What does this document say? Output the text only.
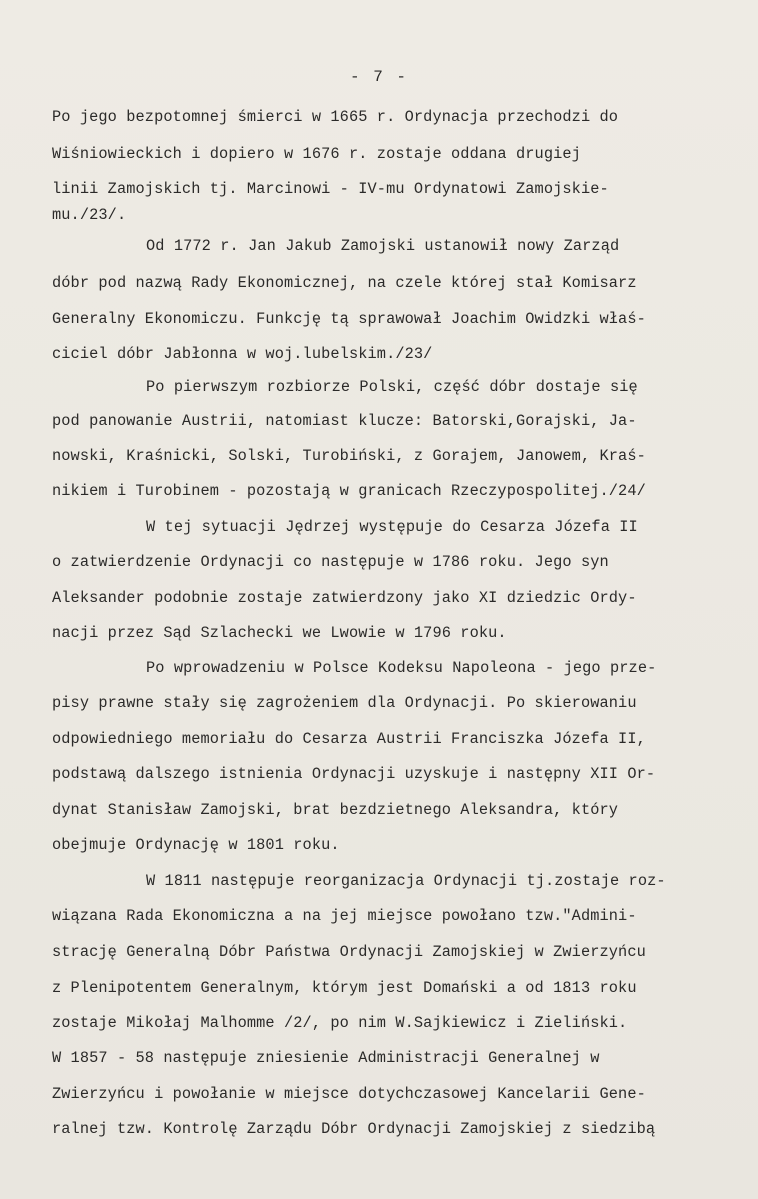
- 7 -
Po jego bezpotomnej śmierci w 1665 r. Ordynacja przechodzi do
Wiśniowieckich i dopiero w 1676 r. zostaje oddana drugiej
linii Zamojskich tj. Marcinowi - IV-mu Ordynatowi Zamojskie-
mu./23/.
Od 1772 r. Jan Jakub Zamojski ustanowił nowy Zarząd
dóbr pod nazwą Rady Ekonomicznej, na czele której stał Komisarz
Generalny Ekonomiczu. Funkcję tą sprawował Joachim Owidzki właś-
ciciel dóbr Jabłonna w woj.lubelskim./23/
Po pierwszym rozbiorze Polski, część dóbr dostaje się
pod panowanie Austrii, natomiast klucze: Batorski,Gorajski, Ja-
nowski, Kraśnicki, Solski, Turobiński, z Gorajem, Janowem, Kraś-
nikiem i Turobinem - pozostają w granicach Rzeczypospolitej./24/
W tej sytuacji Jędrzej występuje do Cesarza Józefa II
o zatwierdzenie Ordynacji co następuje w 1786 roku. Jego syn
Aleksander podobnie zostaje zatwierdzony jako XI dziedzic Ordy-
nacji przez Sąd Szlachecki we Lwowie w 1796 roku.
Po wprowadzeniu w Polsce Kodeksu Napoleona - jego prze-
pisy prawne stały się zagrożeniem dla Ordynacji. Po skierowaniu
odpowiedniego memoriału do Cesarza Austrii Franciszka Józefa II,
podstawą dalszego istnienia Ordynacji uzyskuje i następny XII Or-
dynat Stanisław Zamojski, brat bezdzietnego Aleksandra, który
obejmuje Ordynację w 1801 roku.
W 1811 następuje reorganizacja Ordynacji tj.zostaje roz-
wiązana Rada Ekonomiczna a na jej miejsce powołano tzw."Admini-
strację Generalną Dóbr Państwa Ordynacji Zamojskiej w Zwierzyńcu
z Plenipotentem Generalnym, którym jest Domański a od 1813 roku
zostaje Mikołaj Malhomme /2/, po nim W.Sajkiewicz i Zieliński.
W 1857 - 58 następuje zniesienie Administracji Generalnej w
Zwierzyńcu i powołanie w miejsce dotychczasowej Kancelarii Gene-
ralnej tzw. Kontrolę Zarządu Dóbr Ordynacji Zamojskiej z siedzibą
